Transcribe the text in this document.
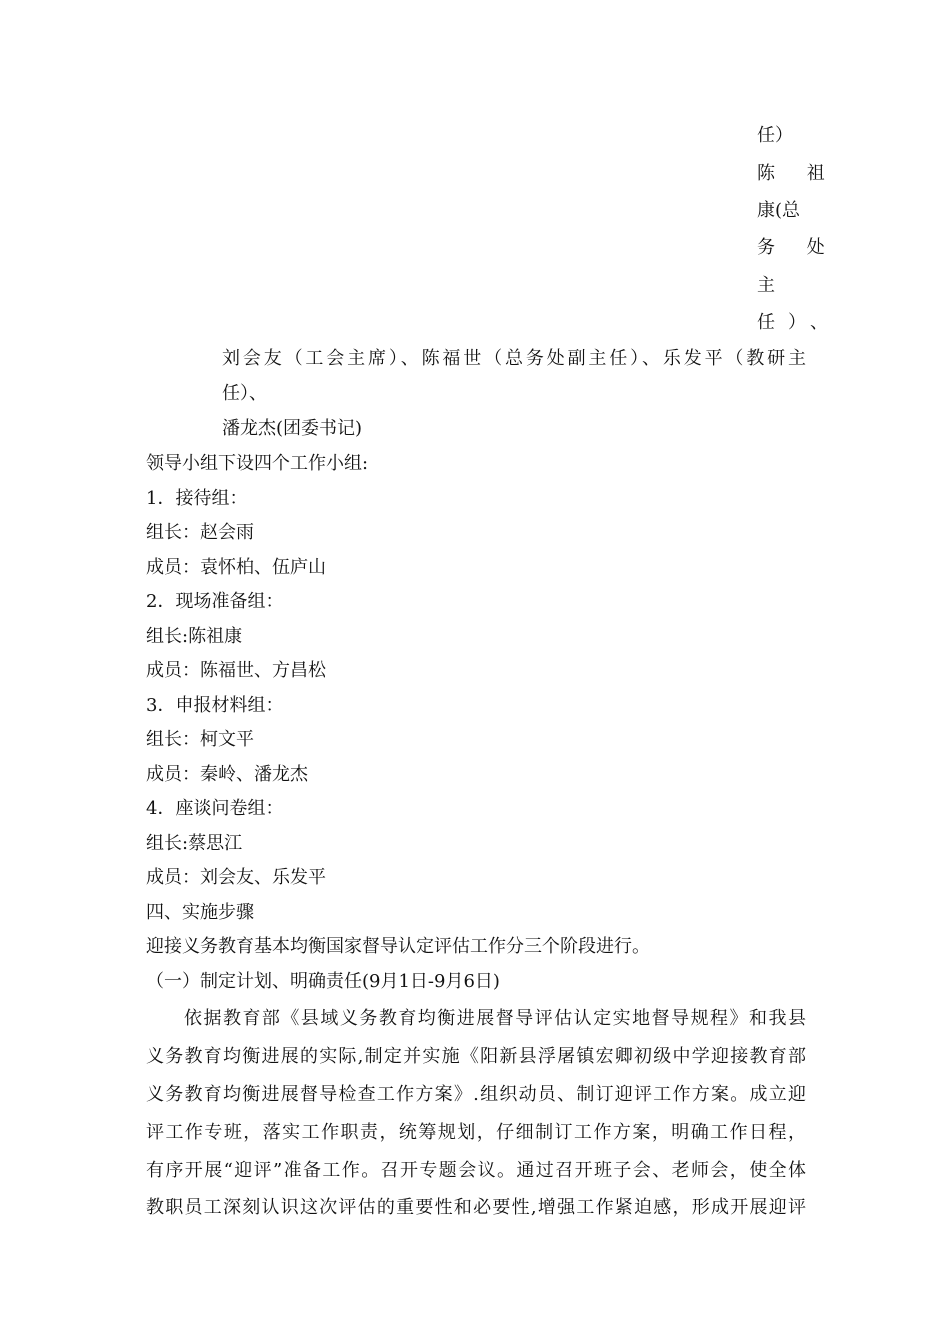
任）
陈 祖
康(总
务 处
主
任）、
刘会友（工会主席）、陈福世（总务处副主任）、乐发平（教研主
任）、
潘龙杰(团委书记)
领导小组下设四个工作小组:
1．接待组：
组长：赵会雨
成员：袁怀柏、伍庐山
2．现场准备组：
组长:陈祖康
成员：陈福世、方昌松
3．申报材料组：
组长：柯文平
成员：秦岭、潘龙杰
4．座谈问卷组：
组长:蔡思江
成员：刘会友、乐发平
四、实施步骤
迎接义务教育基本均衡国家督导认定评估工作分三个阶段进行。
（一）制定计划、明确责任(9月1日-9月6日)
依据教育部《县域义务教育均衡进展督导评估认定实地督导规程》和我县
义务教育均衡进展的实际,制定并实施《阳新县浮屠镇宏卿初级中学迎接教育部
义务教育均衡进展督导检查工作方案》.组织动员、制订迎评工作方案。成立迎
评工作专班，落实工作职责，统筹规划，仔细制订工作方案，明确工作日程，
有序开展“迎评”准备工作。召开专题会议。通过召开班子会、老师会，使全体
教职员工深刻认识这次评估的重要性和必要性,增强工作紧迫感，形成开展迎评
